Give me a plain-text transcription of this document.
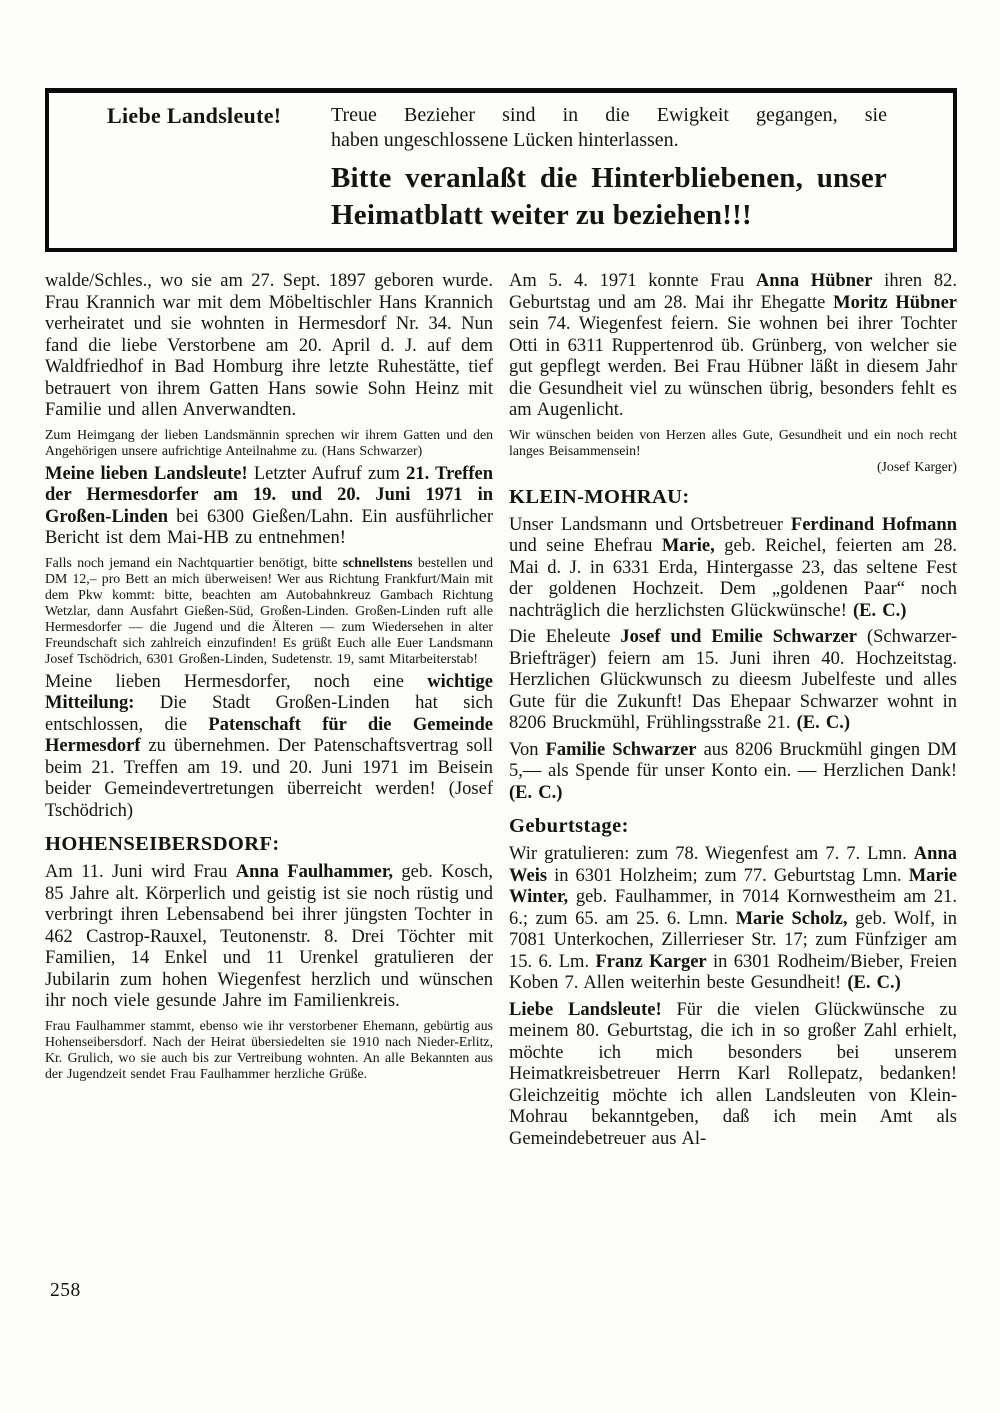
Liebe Landsleute!	Treue Bezieher sind in die Ewigkeit gegangen, sie
haben ungeschlossene Lücken hinterlassen.
Bitte veranlaßt die Hinterbliebenen, unser
Heimatblatt weiter zu beziehen!!!

walde/Schles., wo sie am 27. Sept. 1897 geboren wurde. Frau Krannich war mit dem Möbeltischler Hans Krannich verheiratet und sie wohnten in Hermesdorf Nr. 34. Nun fand die liebe Verstorbene am 20. April d. J. auf dem Waldfriedhof in Bad Homburg ihre letzte Ruhestätte, tief betrauert von ihrem Gatten Hans sowie Sohn Heinz mit Familie und allen Anverwandten.

Zum Heimgang der lieben Landsmännin sprechen wir ihrem Gatten und den Angehörigen unsere aufrichtige Anteilnahme zu. (Hans Schwarzer)

Meine lieben Landsleute! Letzter Aufruf zum 21. Treffen der Hermesdorfer am 19. und 20. Juni 1971 in Großen-Linden bei 6300 Gießen/Lahn. Ein ausführlicher Bericht ist dem Mai-HB zu entnehmen!

Falls noch jemand ein Nachtquartier benötigt, bitte schnellstens bestellen und DM 12,– pro Bett an mich überweisen! Wer aus Richtung Frankfurt/Main mit dem Pkw kommt: bitte, beachten am Autobahnkreuz Gambach Richtung Wetzlar, dann Ausfahrt Gießen-Süd, Großen-Linden. Großen-Linden ruft alle Hermesdorfer — die Jugend und die Älteren — zum Wiedersehen in alter Freundschaft sich zahlreich einzufinden! Es grüßt Euch alle Euer Landsmann Josef Tschödrich, 6301 Großen-Linden, Sudetenstr. 19, samt Mitarbeiterstab!

Meine lieben Hermesdorfer, noch eine wichtige Mitteilung: Die Stadt Großen-Linden hat sich entschlossen, die Patenschaft für die Gemeinde Hermesdorf zu übernehmen. Der Patenschaftsvertrag soll beim 21. Treffen am 19. und 20. Juni 1971 im Beisein beider Gemeindevertretungen überreicht werden! (Josef Tschödrich)

HOHENSEIBERSDORF:

Am 11. Juni wird Frau Anna Faulhammer, geb. Kosch, 85 Jahre alt. Körperlich und geistig ist sie noch rüstig und verbringt ihren Lebensabend bei ihrer jüngsten Tochter in 462 Castrop-Rauxel, Teutonenstr. 8. Drei Töchter mit Familien, 14 Enkel und 11 Urenkel gratulieren der Jubilarin zum hohen Wiegenfest herzlich und wünschen ihr noch viele gesunde Jahre im Familienkreis.

Frau Faulhammer stammt, ebenso wie ihr verstorbener Ehemann, gebürtig aus Hohenseibersdorf. Nach der Heirat übersiedelten sie 1910 nach Nieder-Erlitz, Kr. Grulich, wo sie auch bis zur Vertreibung wohnten. An alle Bekannten aus der Jugendzeit sendet Frau Faulhammer herzliche Grüße.

Am 5. 4. 1971 konnte Frau Anna Hübner ihren 82. Geburtstag und am 28. Mai ihr Ehegatte Moritz Hübner sein 74. Wiegenfest feiern. Sie wohnen bei ihrer Tochter Otti in 6311 Ruppertenrod üb. Grünberg, von welcher sie gut gepflegt werden. Bei Frau Hübner läßt in diesem Jahr die Gesundheit viel zu wünschen übrig, besonders fehlt es am Augenlicht.

Wir wünschen beiden von Herzen alles Gute, Gesundheit und ein noch recht langes Beisammensein!

(Josef Karger)

KLEIN-MOHRAU:

Unser Landsmann und Ortsbetreuer Ferdinand Hofmann und seine Ehefrau Marie, geb. Reichel, feierten am 28. Mai d. J. in 6331 Erda, Hintergasse 23, das seltene Fest der goldenen Hochzeit. Dem „goldenen Paar“ noch nachträglich die herzlichsten Glückwünsche! (E. C.)

Die Eheleute Josef und Emilie Schwarzer (Schwarzer-Briefträger) feiern am 15. Juni ihren 40. Hochzeitstag. Herzlichen Glückwunsch zu dieesm Jubelfeste und alles Gute für die Zukunft! Das Ehepaar Schwarzer wohnt in 8206 Bruckmühl, Frühlingsstraße 21. (E. C.)

Von Familie Schwarzer aus 8206 Bruckmühl gingen DM 5,— als Spende für unser Konto ein. — Herzlichen Dank! (E. C.)

Geburtstage:

Wir gratulieren: zum 78. Wiegenfest am 7. 7. Lmn. Anna Weis in 6301 Holzheim; zum 77. Geburtstag Lmn. Marie Winter, geb. Faulhammer, in 7014 Kornwestheim am 21. 6.; zum 65. am 25. 6. Lmn. Marie Scholz, geb. Wolf, in 7081 Unterkochen, Zillerrieser Str. 17; zum Fünfziger am 15. 6. Lm. Franz Karger in 6301 Rodheim/Bieber, Freien Koben 7. Allen weiterhin beste Gesundheit! (E. C.)

Liebe Landsleute! Für die vielen Glückwünsche zu meinem 80. Geburtstag, die ich in so großer Zahl erhielt, möchte ich mich besonders bei unserem Heimatkreisbetreuer Herrn Karl Rollepatz, bedanken! Gleichzeitig möchte ich allen Landsleuten von Klein-Mohrau bekanntgeben, daß ich mein Amt als Gemeindebetreuer aus Al-

258
